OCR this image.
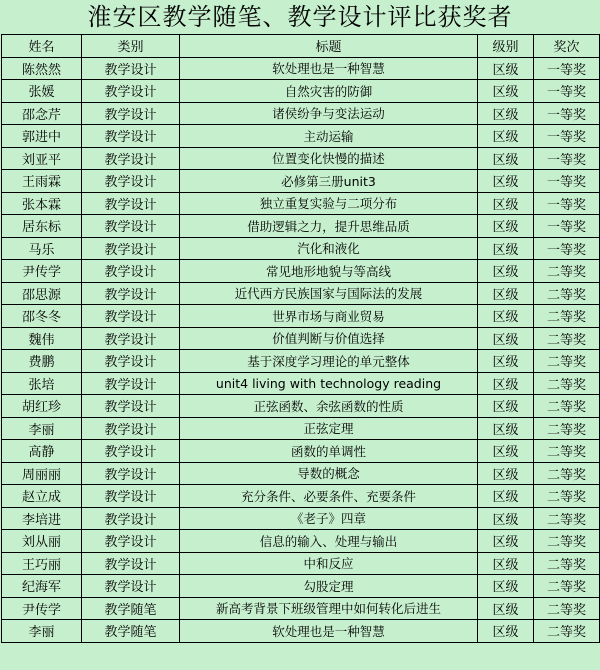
淮安区教学随笔、教学设计评比获奖者
姓名	类别	标题	级别	奖次
陈然然	教学设计	软处理也是一种智慧	区级	一等奖
张媛	教学设计	自然灾害的防御	区级	一等奖
邵念芹	教学设计	诸侯纷争与变法运动	区级	一等奖
郭进中	教学设计	主动运输	区级	一等奖
刘亚平	教学设计	位置变化快慢的描述	区级	一等奖
王雨霖	教学设计	必修第三册unit3	区级	一等奖
张本霖	教学设计	独立重复实验与二项分布	区级	一等奖
居东标	教学设计	借助逻辑之力，提升思维品质	区级	一等奖
马乐	教学设计	汽化和液化	区级	一等奖
尹传学	教学设计	常见地形地貌与等高线	区级	二等奖
邵思源	教学设计	近代西方民族国家与国际法的发展	区级	二等奖
邵冬冬	教学设计	世界市场与商业贸易	区级	二等奖
魏伟	教学设计	价值判断与价值选择	区级	二等奖
费鹏	教学设计	基于深度学习理论的单元整体	区级	二等奖
张培	教学设计	unit4 living with technology reading	区级	二等奖
胡红珍	教学设计	正弦函数、余弦函数的性质	区级	二等奖
李丽	教学设计	正弦定理	区级	二等奖
高静	教学设计	函数的单调性	区级	二等奖
周丽丽	教学设计	导数的概念	区级	二等奖
赵立成	教学设计	充分条件、必要条件、充要条件	区级	二等奖
李培进	教学设计	《老子》四章	区级	二等奖
刘从丽	教学设计	信息的输入、处理与输出	区级	二等奖
王巧丽	教学设计	中和反应	区级	二等奖
纪海军	教学设计	勾股定理	区级	二等奖
尹传学	教学随笔	新高考背景下班级管理中如何转化后进生	区级	二等奖
李丽	教学随笔	软处理也是一种智慧	区级	二等奖
